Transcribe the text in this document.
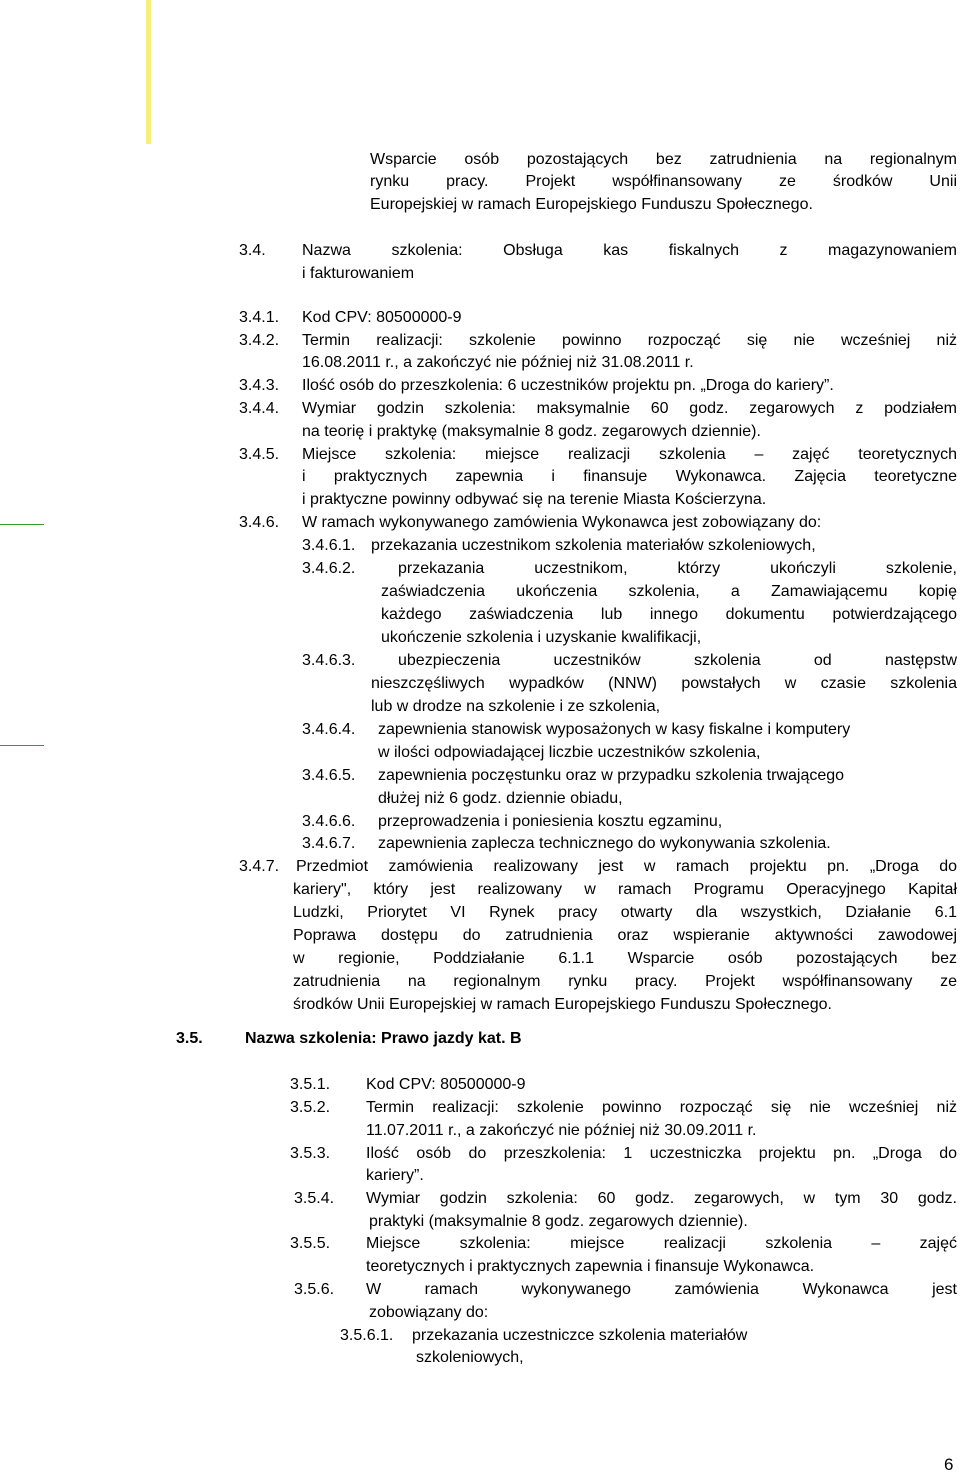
Wsparcie osób pozostających bez zatrudnienia na regionalnym

rynku pracy. Projekt współfinansowany ze środków Unii

Europejskiej w ramach Europejskiego Funduszu Społecznego.

3.4. Nazwa szkolenia: Obsługa kas fiskalnych z magazynowaniem

i fakturowaniem

3.4.1. Kod CPV: 80500000-9

3.4.2. Termin realizacji: szkolenie powinno rozpocząć się nie wcześniej niż

16.08.2011 r., a zakończyć nie później niż 31.08.2011 r.

3.4.3. Ilość osób do przeszkolenia: 6 uczestników projektu pn. „Droga do kariery”.

3.4.4. Wymiar godzin szkolenia: maksymalnie 60 godz. zegarowych z podziałem

na teorię i praktykę (maksymalnie 8 godz. zegarowych dziennie).

3.4.5. Miejsce szkolenia: miejsce realizacji szkolenia – zajęć teoretycznych

i praktycznych zapewnia i finansuje Wykonawca. Zajęcia teoretyczne

i praktyczne powinny odbywać się na terenie Miasta Kościerzyna.

3.4.6. W ramach wykonywanego zamówienia Wykonawca jest zobowiązany do:

3.4.6.1. przekazania uczestnikom szkolenia materiałów szkoleniowych,

3.4.6.2.	przekazania uczestnikom, którzy ukończyli szkolenie,

zaświadczenia ukończenia szkolenia, a Zamawiającemu kopię

każdego zaświadczenia lub innego dokumentu potwierdzającego

ukończenie szkolenia i uzyskanie kwalifikacji,

3.4.6.3.	ubezpieczenia uczestników szkolenia od następstw

nieszczęśliwych wypadków (NNW) powstałych w czasie szkolenia

lub w drodze na szkolenie i ze szkolenia,

3.4.6.4. zapewnienia stanowisk wyposażonych w kasy fiskalne i komputery

w ilości odpowiadającej liczbie uczestników szkolenia,

3.4.6.5. zapewnienia poczęstunku oraz w przypadku szkolenia trwającego

dłużej niż 6 godz. dziennie obiadu,

3.4.6.6. przeprowadzenia i poniesienia kosztu egzaminu,

3.4.6.7. zapewnienia zaplecza technicznego do wykonywania szkolenia.

3.4.7. Przedmiot zamówienia realizowany jest w ramach projektu pn. „Droga do

kariery", który jest realizowany w ramach Programu Operacyjnego Kapitał

Ludzki, Priorytet VI Rynek pracy otwarty dla wszystkich, Działanie 6.1

Poprawa dostępu do zatrudnienia oraz wspieranie aktywności zawodowej

w regionie, Poddziałanie 6.1.1 Wsparcie osób pozostających bez

zatrudnienia na regionalnym rynku pracy. Projekt współfinansowany ze

środków Unii Europejskiej w ramach Europejskiego Funduszu Społecznego.

3.5.	Nazwa szkolenia: Prawo jazdy kat. B

3.5.1. Kod CPV: 80500000-9

3.5.2. Termin realizacji: szkolenie powinno rozpocząć się nie wcześniej niż

11.07.2011 r., a zakończyć nie później niż 30.09.2011 r.

3.5.3. Ilość osób do przeszkolenia: 1 uczestniczka projektu pn. „Droga do

kariery”.

3.5.4. Wymiar godzin szkolenia: 60 godz. zegarowych, w tym 30 godz.

praktyki (maksymalnie 8 godz. zegarowych dziennie).

3.5.5. Miejsce szkolenia: miejsce realizacji szkolenia – zajęć

teoretycznych i praktycznych zapewnia i finansuje Wykonawca.

3.5.6. W ramach wykonywanego zamówienia Wykonawca jest

zobowiązany do:

3.5.6.1. przekazania uczestniczce szkolenia materiałów

szkoleniowych,

6
